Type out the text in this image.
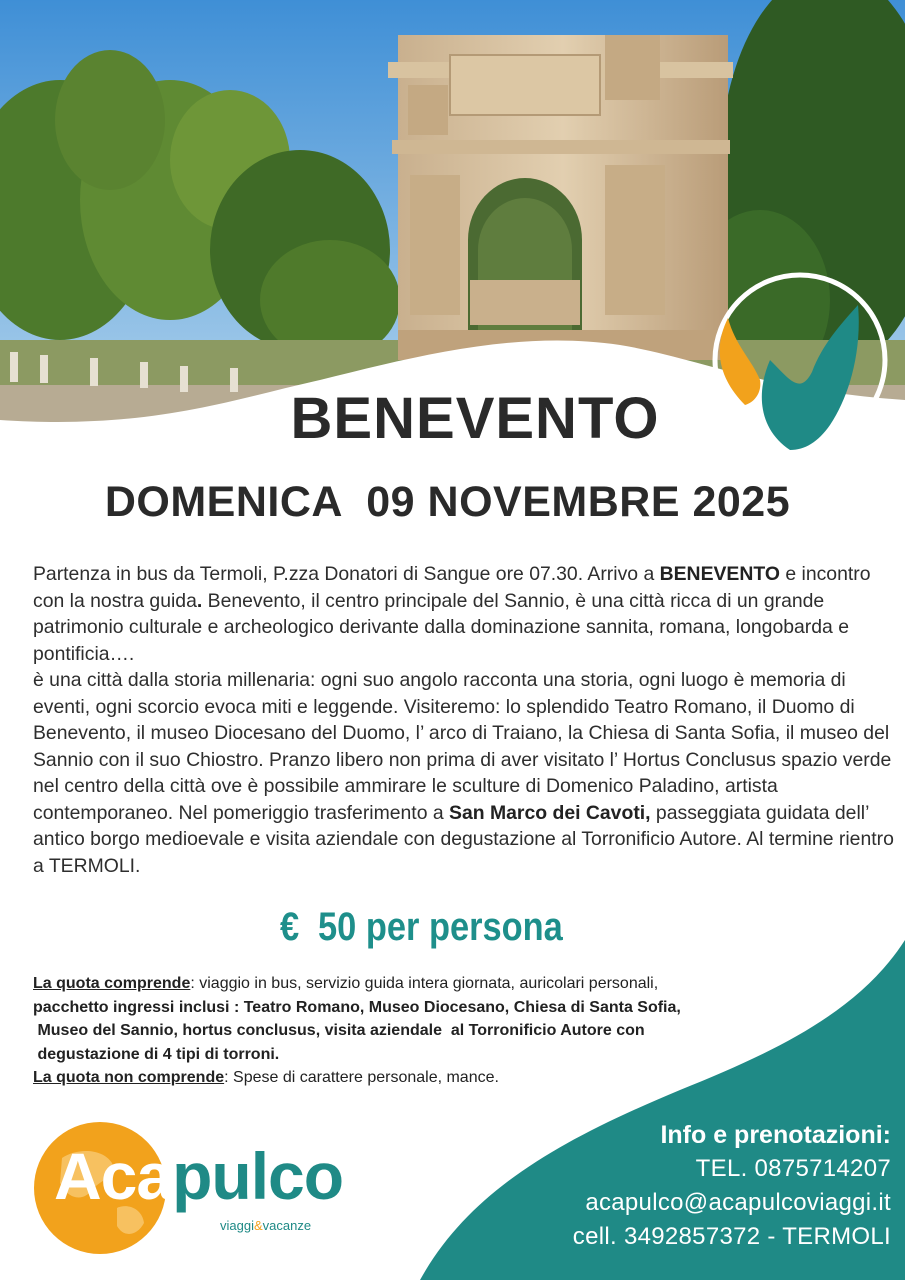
BENEVENTO
DOMENICA  09 NOVEMBRE 2025

Partenza in bus da Termoli, P.zza Donatori di Sangue ore 07.30. Arrivo a BENEVENTO e incontro con la nostra guida. Benevento, il centro principale del Sannio, è una città ricca di un grande patrimonio culturale e archeologico derivante dalla dominazione sannita, romana, longobarda e pontificia….

è una città dalla storia millenaria: ogni suo angolo racconta una storia, ogni luogo è memoria di eventi, ogni scorcio evoca miti e leggende. Visiteremo: lo splendido Teatro Romano, il Duomo di Benevento, il museo Diocesano del Duomo, l’ arco di Traiano, la Chiesa di Santa Sofia, il museo del Sannio con il suo Chiostro. Pranzo libero non prima di aver visitato l’ Hortus Conclusus spazio verde nel centro della città ove è possibile ammirare le sculture di Domenico Paladino, artista contemporaneo. Nel pomeriggio trasferimento a San Marco dei Cavoti, passeggiata guidata dell’ antico borgo medioevale e visita aziendale con degustazione al Torronificio Autore. Al termine rientro a TERMOLI.

€ 50 per persona

La quota comprende: viaggio in bus, servizio guida intera giornata, auricolari personali,

pacchetto ingressi inclusi : Teatro Romano, Museo Diocesano, Chiesa di Santa Sofia,

Museo del Sannio, hortus conclusus, visita aziendale  al Torronificio Autore con

degustazione di 4 tipi di torroni.

La quota non comprende: Spese di carattere personale, mance.

Acapulco
viaggi&vacanze
Info e prenotazioni:
TEL. 0875714207
acapulco@acapulcoviaggi.it
cell. 3492857372 - TERMOLI
